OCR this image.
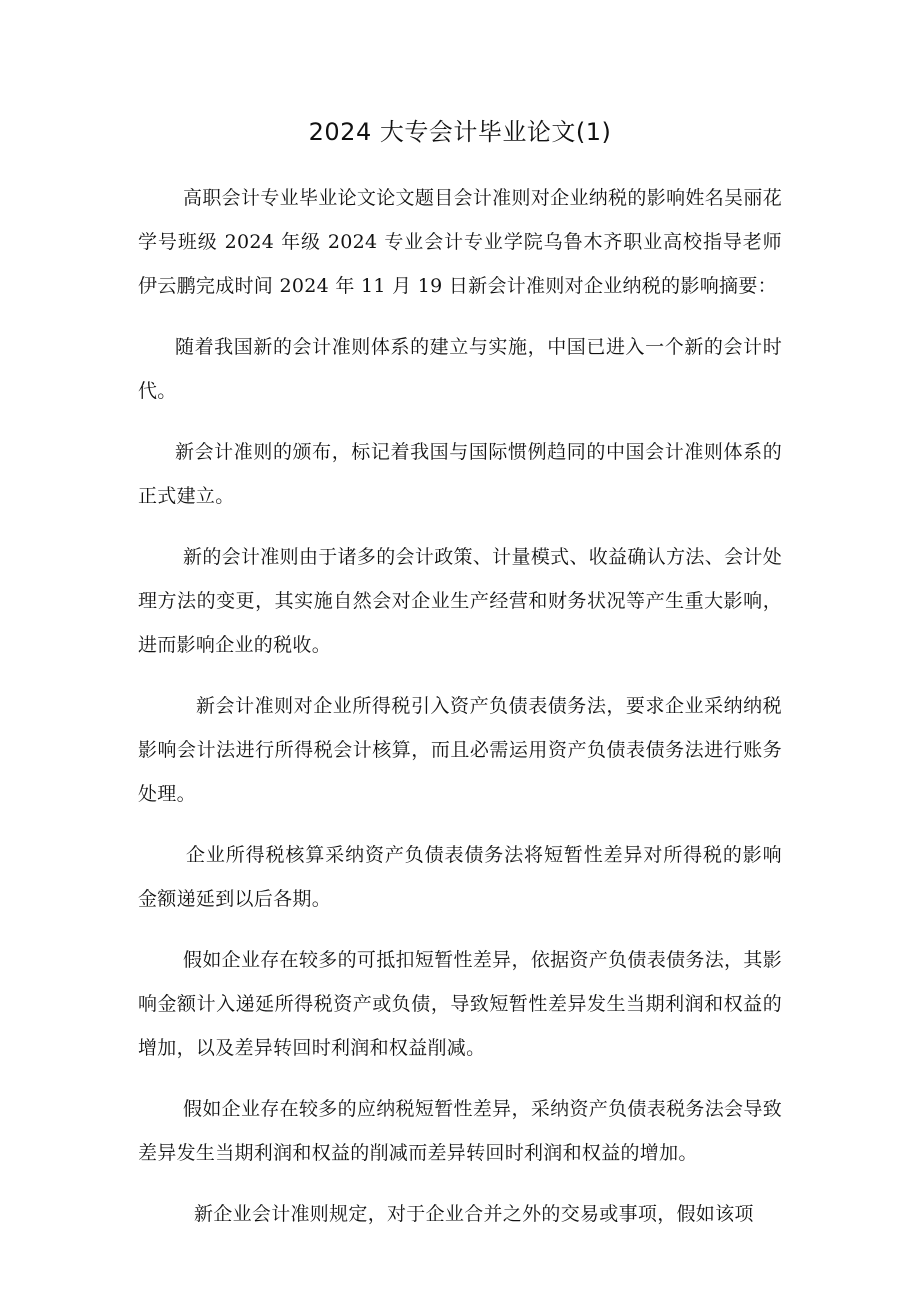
2024 大专会计毕业论文(1)

高职会计专业毕业论文论文题目会计准则对企业纳税的影响姓名吴丽花学号班级 2024 年级 2024 专业会计专业学院乌鲁木齐职业高校指导老师伊云鹏完成时间 2024 年 11 月 19 日新会计准则对企业纳税的影响摘要：

随着我国新的会计准则体系的建立与实施，中国已进入一个新的会计时代。

新会计准则的颁布，标记着我国与国际惯例趋同的中国会计准则体系的正式建立。

新的会计准则由于诸多的会计政策、计量模式、收益确认方法、会计处理方法的变更，其实施自然会对企业生产经营和财务状况等产生重大影响，进而影响企业的税收。

新会计准则对企业所得税引入资产负债表债务法，要求企业采纳纳税影响会计法进行所得税会计核算，而且必需运用资产负债表债务法进行账务处理。

企业所得税核算采纳资产负债表债务法将短暂性差异对所得税的影响金额递延到以后各期。

假如企业存在较多的可抵扣短暂性差异，依据资产负债表债务法，其影响金额计入递延所得税资产或负债，导致短暂性差异发生当期利润和权益的增加，以及差异转回时利润和权益削减。

假如企业存在较多的应纳税短暂性差异，采纳资产负债表税务法会导致差异发生当期利润和权益的削减而差异转回时利润和权益的增加。

新企业会计准则规定，对于企业合并之外的交易或事项，假如该项
